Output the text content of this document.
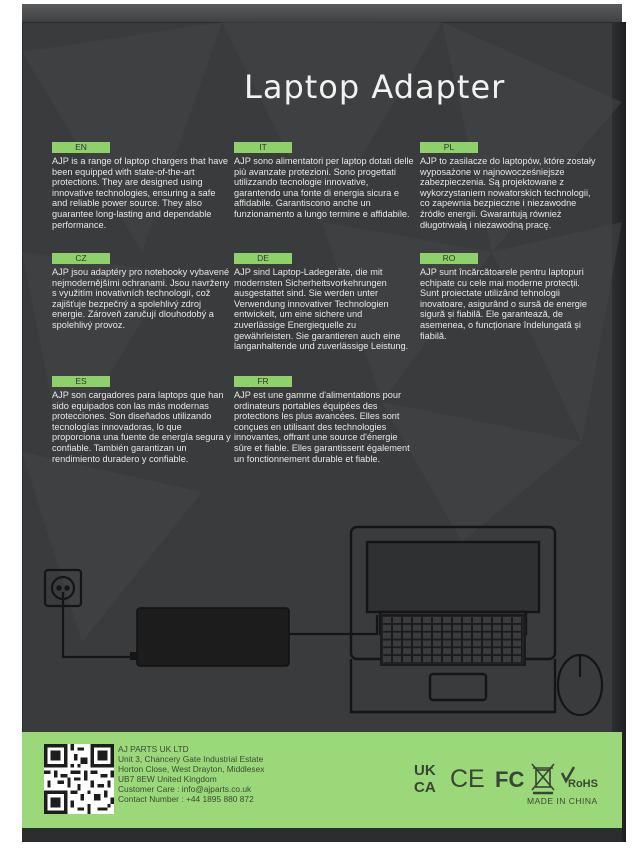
Laptop Adapter
EN

AJP is a range of laptop chargers that have been equipped with state-of-the-art protections. They are designed using innovative technologies, ensuring a safe and reliable power source. They also guarantee long-lasting and dependable performance.

IT

AJP sono alimentatori per laptop dotati delle più avanzate protezioni. Sono progettati utilizzando tecnologie innovative, garantendo una fonte di energia sicura e affidabile. Garantiscono anche un funzionamento a lungo termine e affidabile.

PL

AJP to zasilacze do laptopów, które zostały wyposażone w najnowocześniejsze zabezpieczenia. Są projektowane z wykorzystaniem nowatorskich technologii, co zapewnia bezpieczne i niezawodne źródło energii. Gwarantują również długotrwałą i niezawodną pracę.

CZ

AJP jsou adaptéry pro notebooky vybavené nejmodernějšími ochranami. Jsou navrženy s využitím inovativních technologií, což zajišťuje bezpečný a spolehlivý zdroj energie. Zároveň zaručují dlouhodobý a spolehlivý provoz.

DE

AJP sind Laptop-Ladegeräte, die mit modernsten Sicherheitsvorkehrungen ausgestattet sind. Sie werden unter Verwendung innovativer Technologien entwickelt, um eine sichere und zuverlässige Energiequelle zu gewährleisten. Sie garantieren auch eine langanhaltende und zuverlässige Leistung.

RO

AJP sunt încărcătoarele pentru laptopuri echipate cu cele mai moderne protecții. Sunt proiectate utilizând tehnologii inovatoare, asigurând o sursă de energie sigură și fiabilă. Ele garantează, de asemenea, o funcționare îndelungată și fiabilă.

ES

AJP son cargadores para laptops que han sido equipados con las más modernas protecciones. Son diseñados utilizando tecnologías innovadoras, lo que proporciona una fuente de energía segura y confiable. También garantizan un rendimiento duradero y confiable.

FR

AJP est une gamme d'alimentations pour ordinateurs portables équipées des protections les plus avancées. Elles sont conçues en utilisant des technologies innovantes, offrant une source d'énergie sûre et fiable. Elles garantissent également un fonctionnement durable et fiable.

AJ PARTS UK LTD
Unit 3, Chancery Gate Industrial Estate
Horton Close, West Drayton, Middlesex
UB7 8EW United Kingdom
Customer Care : info@ajparts.co.uk
Contact Number : +44 1895 880 872
UK
CA CE FC	RoHS
MADE IN CHINA
